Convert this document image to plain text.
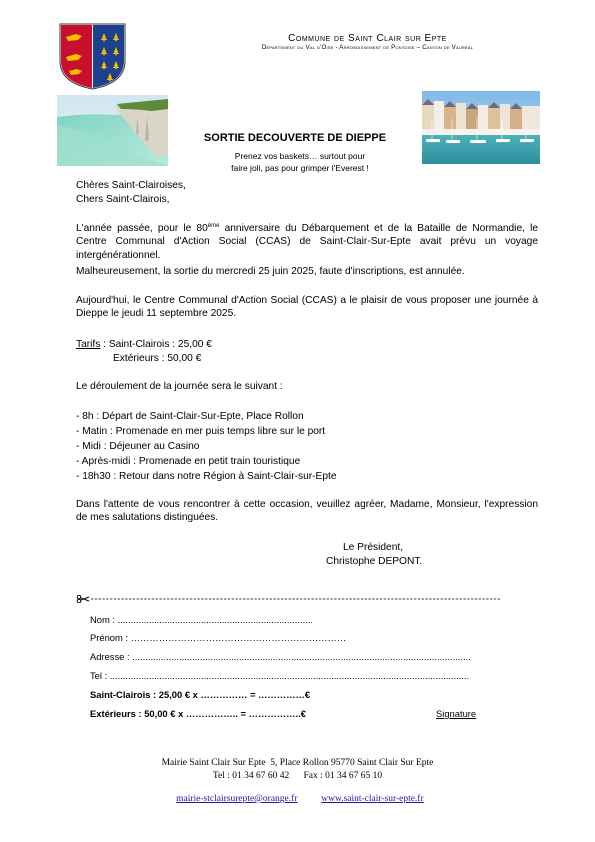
Commune de Saint Clair sur Epte
Département du Val d'Oise - Arrondissement de Pontoise – Canton de Vauréal
SORTIE DECOUVERTE DE DIEPPE
Prenez vos baskets… surtout pour
faire joli, pas pour grimper l'Everest !
Chères Saint-Clairoises,
Chers Saint-Clairois,
L'année passée, pour le 80ème anniversaire du Débarquement et de la Bataille de Normandie, le Centre Communal d'Action Social (CCAS) de Saint-Clair-Sur-Epte avait prévu un voyage intergénérationnel.
Malheureusement, la sortie du mercredi 25 juin 2025, faute d'inscriptions, est annulée.
Aujourd'hui, le Centre Communal d'Action Social (CCAS) a le plaisir de vous proposer une journée à Dieppe le jeudi 11 septembre 2025.
Tarifs : Saint-Clairois : 25,00 €
Extérieurs : 50,00 €
Le déroulement de la journée sera le suivant :
- 8h : Départ de Saint-Clair-Sur-Epte, Place Rollon
- Matin : Promenade en mer puis temps libre sur le port
- Midi : Déjeuner au Casino
- Après-midi : Promenade en petit train touristique
- 18h30 : Retour dans notre Région à Saint-Clair-sur-Epte
Dans l'attente de vous rencontrer à cette occasion, veuillez agréer, Madame, Monsieur, l'expression de mes salutations distinguées.
Le Président,
Christophe DEPONT.
Nom : ...........................................................................
Prénom : ……………………………………………………………
Adresse : ..................................................................................................................................
Tel : ..........................................................................................................................................
Saint-Clairois : 25,00 € x …………… = ……………€
Extérieurs : 50,00 € x …………….. = ……………..€	Signature
Mairie Saint Clair Sur Epte  5, Place Rollon 95770 Saint Clair Sur Epte
Tel : 01 34 67 60 42      Fax : 01 34 67 65 10

mairie-stclairsurepte@orange.fr	www.saint-clair-sur-epte.fr
